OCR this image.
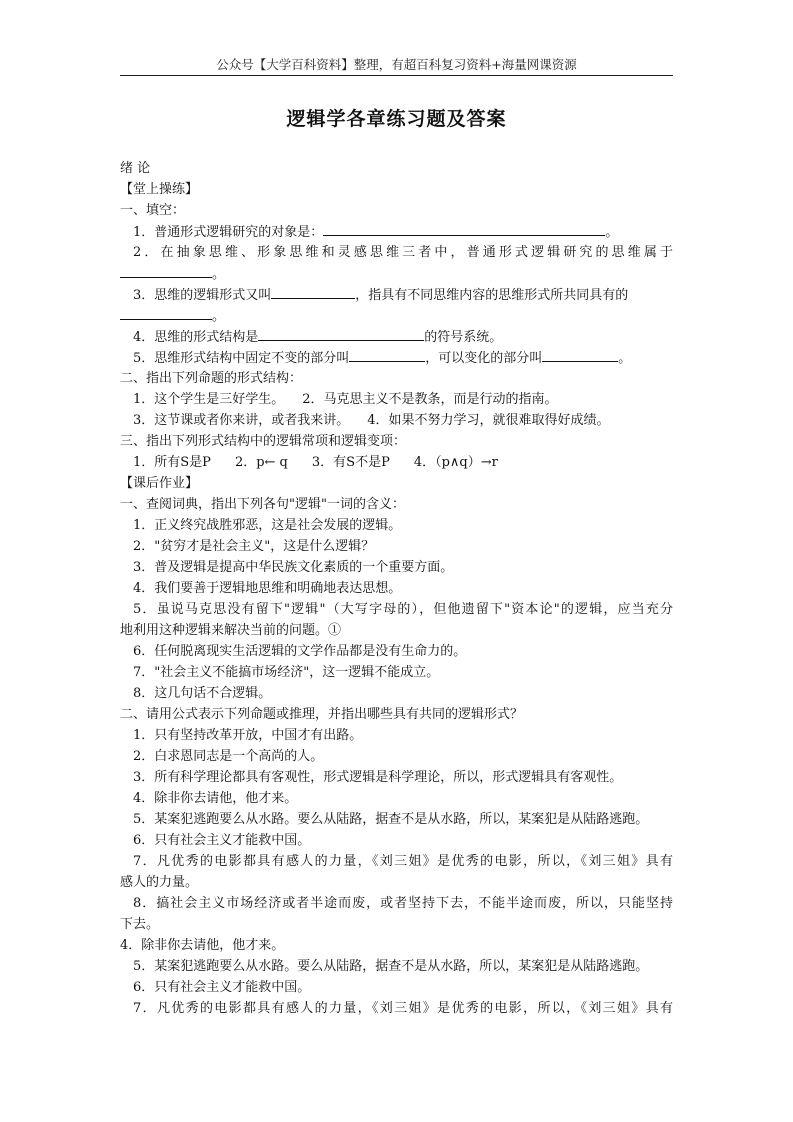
公众号【大学百科资料】整理，有超百科复习资料+海量网课资源
逻辑学各章练习题及答案
绪 论
【堂上操练】
一、填空：
1．普通形式逻辑研究的对象是：	。
2．在抽象思维、形象思维和灵感思维三者中，普通形式逻辑研究的思维属于
。
3．思维的逻辑形式又叫	，指具有不同思维内容的思维形式所共同具有的
。
4．思维的形式结构是	的符号系统。
5．思维形式结构中固定不变的部分叫	，可以变化的部分叫	。
二、指出下列命题的形式结构：
1．这个学生是三好学生。 2．马克思主义不是教条，而是行动的指南。
3．这节课或者你来讲，或者我来讲。 4．如果不努力学习，就很难取得好成绩。
三、指出下列形式结构中的逻辑常项和逻辑变项：
1．所有S是P 2．p← q 3．有S不是P 4．（p∧q）→r
【课后作业】
一、查阅词典，指出下列各句"逻辑"一词的含义：
1．正义终究战胜邪恶，这是社会发展的逻辑。
2．"贫穷才是社会主义"，这是什么逻辑？
3．普及逻辑是提高中华民族文化素质的一个重要方面。
4．我们要善于逻辑地思维和明确地表达思想。
5．虽说马克思没有留下"逻辑"（大写字母的），但他遗留下"资本论"的逻辑，应当充分
地利用这种逻辑来解决当前的问题。①
6．任何脱离现实生活逻辑的文学作品都是没有生命力的。
7．"社会主义不能搞市场经济"，这一逻辑不能成立。
8．这几句话不合逻辑。
二、请用公式表示下列命题或推理，并指出哪些具有共同的逻辑形式？
1．只有坚持改革开放，中国才有出路。
2．白求恩同志是一个高尚的人。
3．所有科学理论都具有客观性，形式逻辑是科学理论，所以，形式逻辑具有客观性。
4．除非你去请他，他才来。
5．某案犯逃跑要么从水路。要么从陆路，据查不是从水路，所以，某案犯是从陆路逃跑。
6．只有社会主义才能救中国。
7．凡优秀的电影都具有感人的力量，《刘三姐》是优秀的电影，所以，《刘三姐》具有
感人的力量。
8．搞社会主义市场经济或者半途而废，或者坚持下去，不能半途而废，所以，只能坚持
下去。
4．除非你去请他，他才来。
5．某案犯逃跑要么从水路。要么从陆路，据查不是从水路，所以，某案犯是从陆路逃跑。
6．只有社会主义才能救中国。
7．凡优秀的电影都具有感人的力量，《刘三姐》是优秀的电影，所以，《刘三姐》具有
